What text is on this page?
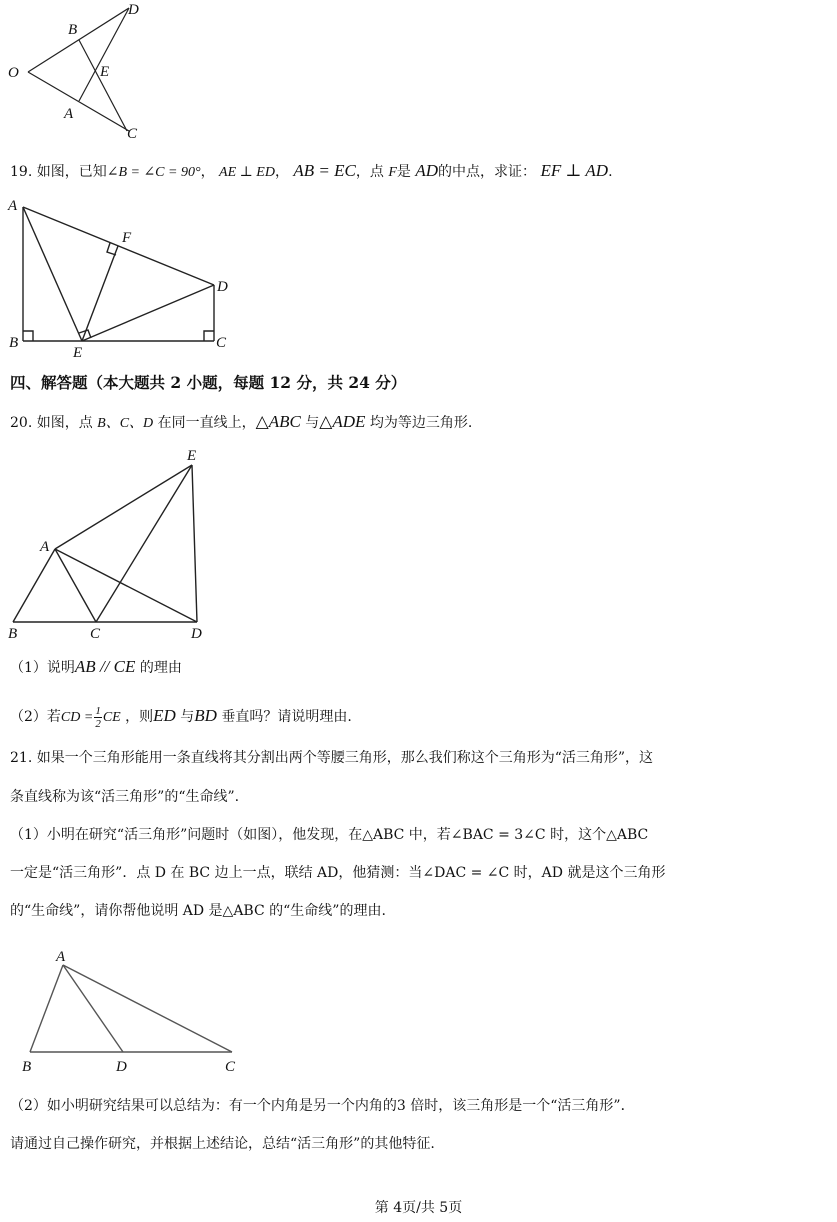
D
B
O	E
A
C
19. 如图，已知∠B = ∠C = 90°， AE ⊥ ED， AB = EC，点 F是 AD的中点，求证： EF ⊥ AD.
A
F
D
B
E
C
四、解答题（本大题共 2 小题，每题 12 分，共 24 分）
20. 如图，点 B、C、D 在同一直线上，△ABC 与△ADE 均为等边三角形.
E
A
B	C	D
（1）说明AB // CE 的理由
（2）若CD = $\frac{1}{2}$ CE ，则ED 与BD 垂直吗？请说明理由.
21. 如果一个三角形能用一条直线将其分割出两个等腰三角形，那么我们称这个三角形为“活三角形”，这
条直线称为该“活三角形”的“生命线”.
（1）小明在研究“活三角形”问题时（如图），他发现，在△ABC 中，若∠BAC = 3∠C 时，这个△ABC
一定是“活三角形”．点 D 在 BC 边上一点，联结 AD，他猜测：当∠DAC = ∠C 时，AD 就是这个三角形
的“生命线”，请你帮他说明 AD 是△ABC 的“生命线”的理由.
A
B	D	C
（2）如小明研究结果可以总结为：有一个内角是另一个内角的3 倍时，该三角形是一个“活三角形”．
请通过自己操作研究，并根据上述结论，总结“活三角形”的其他特征.
第 4页/共 5页
